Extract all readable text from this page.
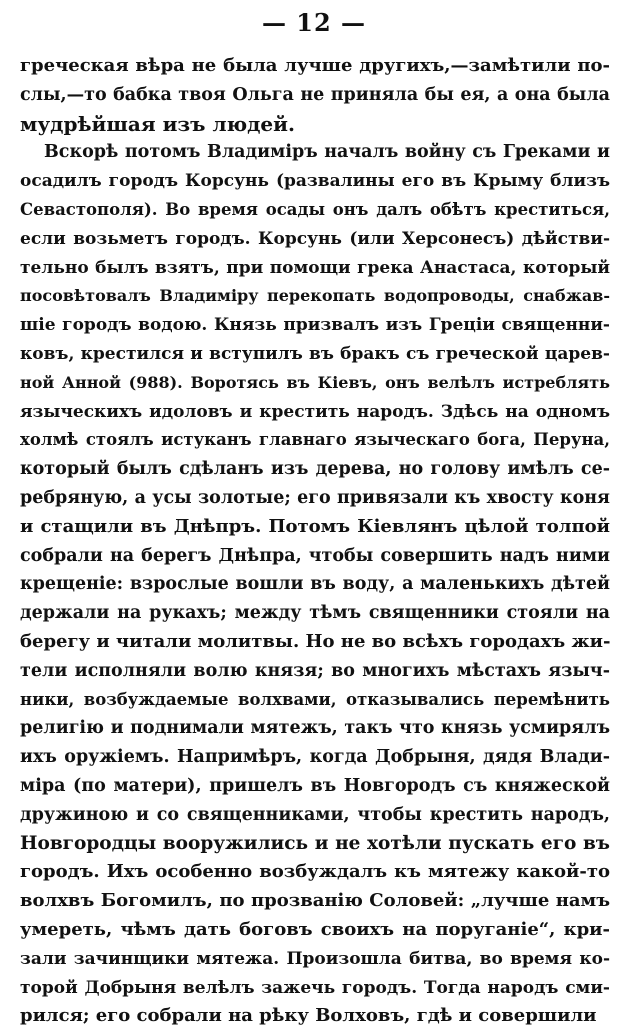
— 12 —
греческая вѣра не была лучше другихъ,—замѣтили по-
слы,—то бабка твоя Ольга не приняла бы ея, а она была
мудрѣйшая изъ людей.
Вскорѣ потомъ Владиміръ началъ войну съ Греками и
осадилъ городъ Корсунь (развалины его въ Крыму близъ
Севастополя). Во время осады онъ далъ обѣтъ креститься,
если возьметъ городъ. Корсунь (или Херсонесъ) дѣйстви-
тельно былъ взятъ, при помощи грека Анастаса, который
посовѣтовалъ Владиміру перекопать водопроводы, снабжав-
шіе городъ водою. Князь призвалъ изъ Греціи священни-
ковъ, крестился и вступилъ въ бракъ съ греческой царев-
ной Анной (988). Воротясь въ Кіевъ, онъ велѣлъ истреблять
языческихъ идоловъ и крестить народъ. Здѣсь на одномъ
холмѣ стоялъ истуканъ главнаго языческаго бога, Перуна,
который былъ сдѣланъ изъ дерева, но голову имѣлъ се-
ребряную, а усы золотые; его привязали къ хвосту коня
и стащили въ Днѣпръ. Потомъ Кіевлянъ цѣлой толпой
собрали на берегъ Днѣпра, чтобы совершить надъ ними
крещеніе: взрослые вошли въ воду, а маленькихъ дѣтей
держали на рукахъ; между тѣмъ священники стояли на
берегу и читали молитвы. Но не во всѣхъ городахъ жи-
тели исполняли волю князя; во многихъ мѣстахъ языч-
ники, возбуждаемые волхвами, отказывались перемѣнить
религію и поднимали мятежъ, такъ что князь усмирялъ
ихъ оружіемъ. Напримѣръ, когда Добрыня, дядя Влади-
міра (по матери), пришелъ въ Новгородъ съ княжеской
дружиною и со священниками, чтобы крестить народъ,
Новгородцы вооружились и не хотѣли пускать его въ
городъ. Ихъ особенно возбуждалъ къ мятежу какой-то
волхвъ Богомилъ, по прозванію Соловей: „лучше намъ
умереть, чѣмъ дать боговъ своихъ на поруганіе“, кри-
зали зачинщики мятежа. Произошла битва, во время ко-
торой Добрыня велѣлъ зажечь городъ. Тогда народъ сми-
рился; его собрали на рѣку Волховъ, гдѣ и совершили
